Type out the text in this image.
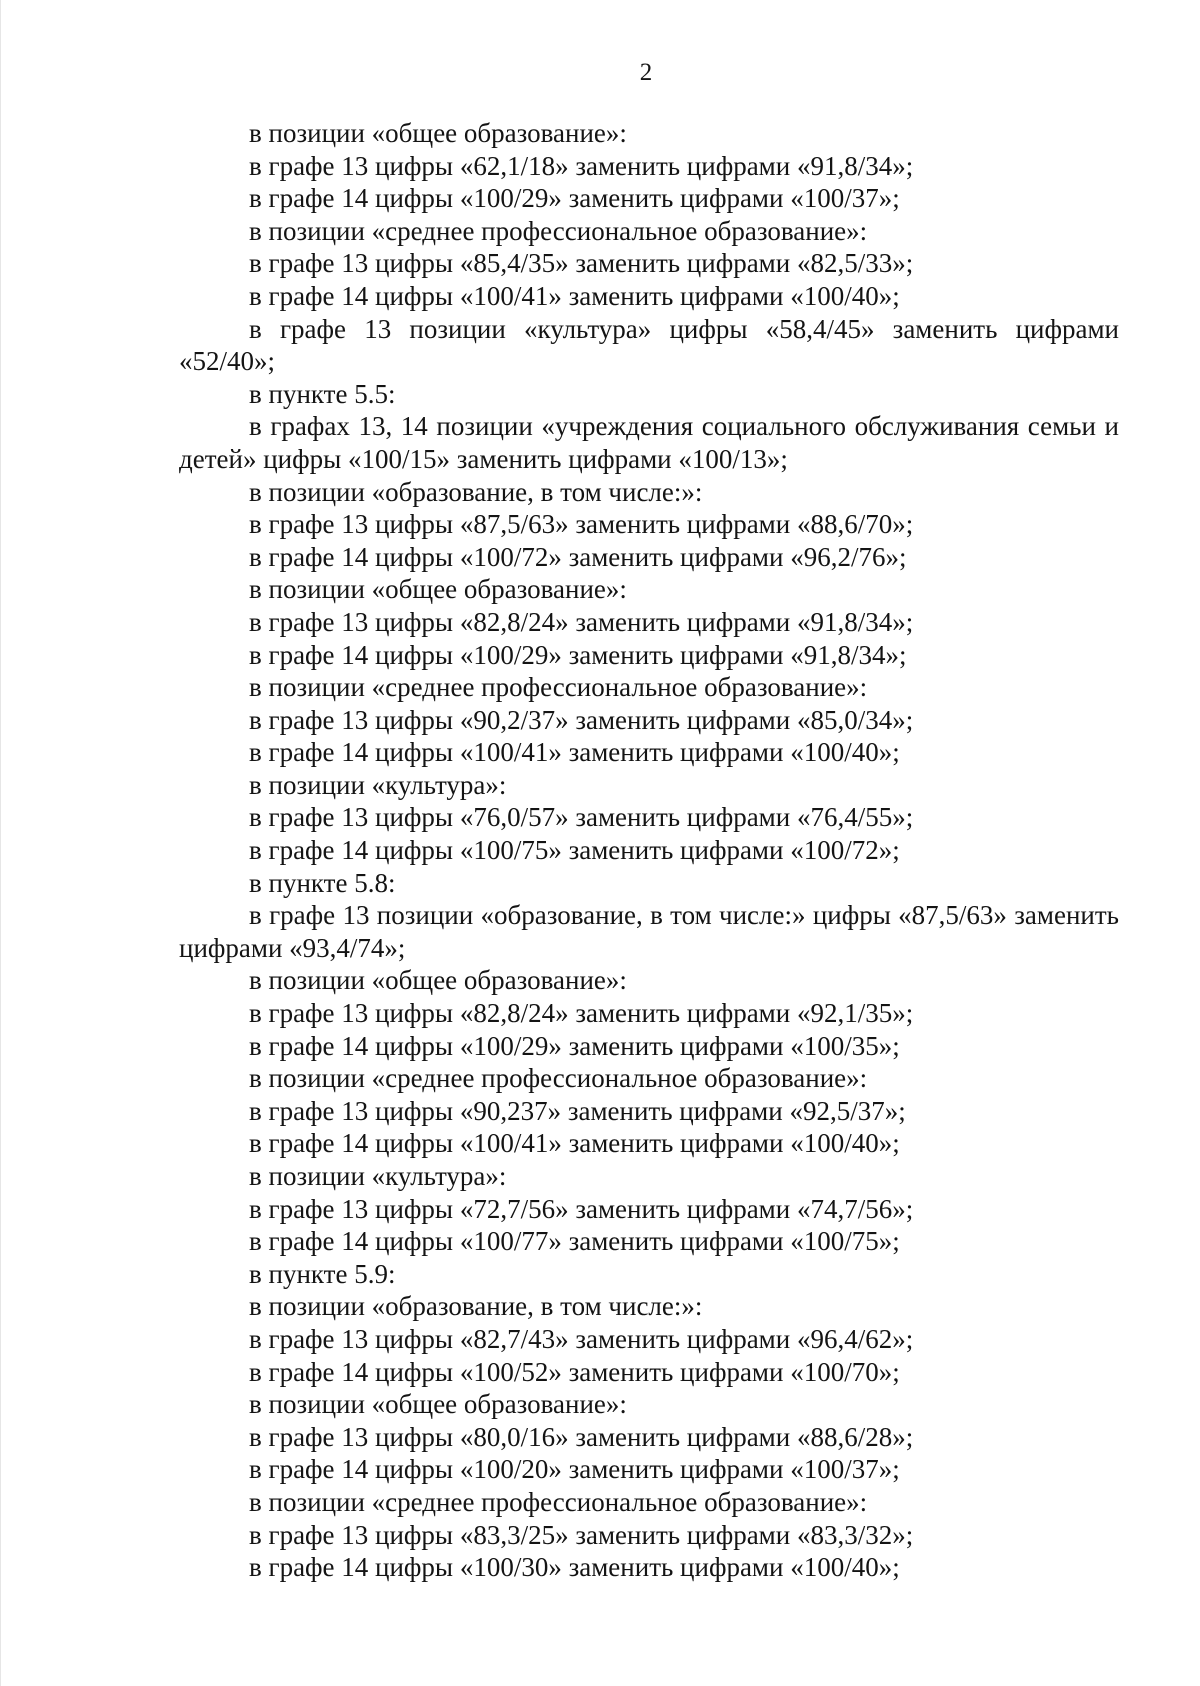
2

в позиции «общее образование»:

в графе 13 цифры «62,1/18» заменить цифрами «91,8/34»;

в графе 14 цифры «100/29» заменить цифрами «100/37»;

в позиции «среднее профессиональное образование»:

в графе 13 цифры «85,4/35» заменить цифрами «82,5/33»;

в графе 14 цифры «100/41» заменить цифрами «100/40»;

в графе 13 позиции «культура» цифры «58,4/45» заменить цифрами «52/40»;

в пункте 5.5:

в графах 13, 14 позиции «учреждения социального обслуживания семьи и детей» цифры «100/15» заменить цифрами «100/13»;

в позиции «образование, в том числе:»:

в графе 13 цифры «87,5/63» заменить цифрами «88,6/70»;

в графе 14 цифры «100/72» заменить цифрами «96,2/76»;

в позиции «общее образование»:

в графе 13 цифры «82,8/24» заменить цифрами «91,8/34»;

в графе 14 цифры «100/29» заменить цифрами «91,8/34»;

в позиции «среднее профессиональное образование»:

в графе 13 цифры «90,2/37» заменить цифрами «85,0/34»;

в графе 14 цифры «100/41» заменить цифрами «100/40»;

в позиции «культура»:

в графе 13 цифры «76,0/57» заменить цифрами «76,4/55»;

в графе 14 цифры «100/75» заменить цифрами «100/72»;

в пункте 5.8:

в графе 13 позиции «образование, в том числе:» цифры «87,5/63» заменить цифрами «93,4/74»;

в позиции «общее образование»:

в графе 13 цифры «82,8/24» заменить цифрами «92,1/35»;

в графе 14 цифры «100/29» заменить цифрами «100/35»;

в позиции «среднее профессиональное образование»:

в графе 13 цифры «90,237» заменить цифрами «92,5/37»;

в графе 14 цифры «100/41» заменить цифрами «100/40»;

в позиции «культура»:

в графе 13 цифры «72,7/56» заменить цифрами «74,7/56»;

в графе 14 цифры «100/77» заменить цифрами «100/75»;

в пункте 5.9:

в позиции «образование, в том числе:»:

в графе 13 цифры «82,7/43» заменить цифрами «96,4/62»;

в графе 14 цифры «100/52» заменить цифрами «100/70»;

в позиции «общее образование»:

в графе 13 цифры «80,0/16» заменить цифрами «88,6/28»;

в графе 14 цифры «100/20» заменить цифрами «100/37»;

в позиции «среднее профессиональное образование»:

в графе 13 цифры «83,3/25» заменить цифрами «83,3/32»;

в графе 14 цифры «100/30» заменить цифрами «100/40»;
